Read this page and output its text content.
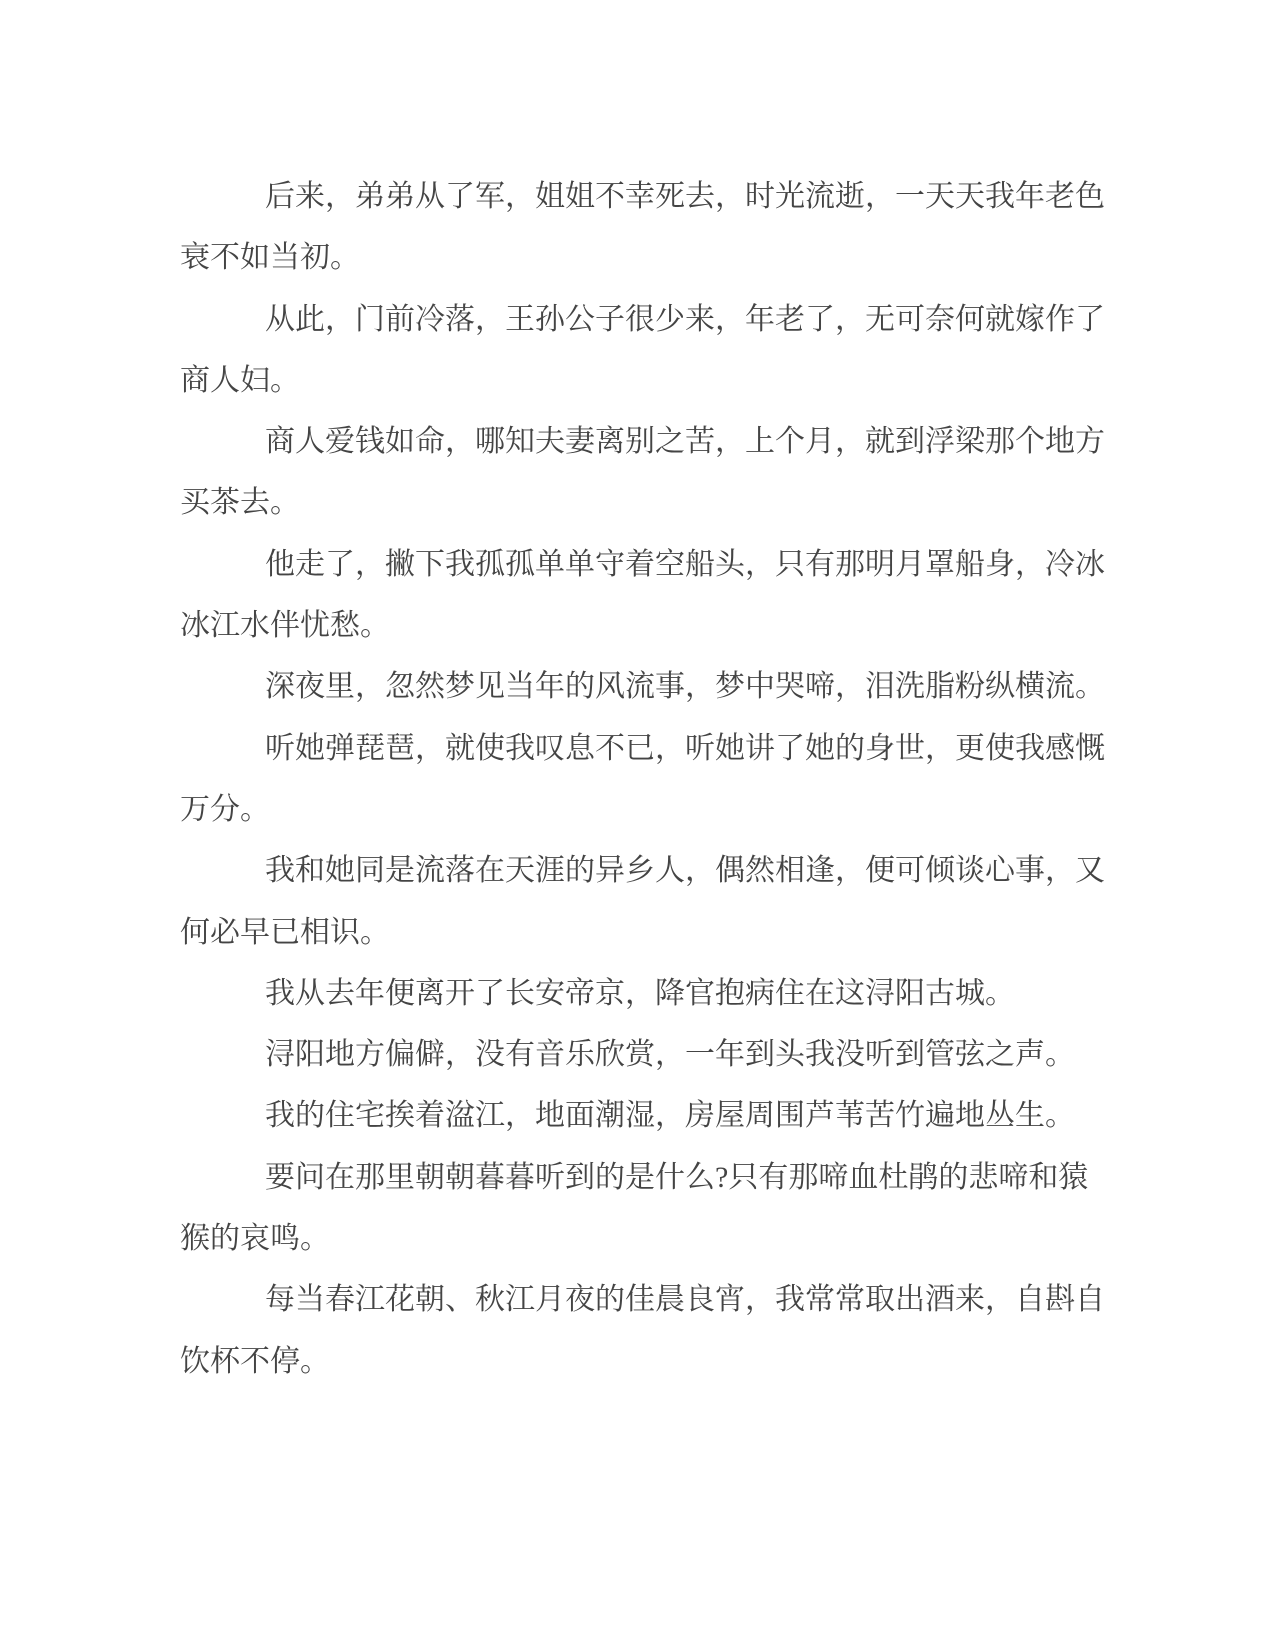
后来，弟弟从了军，姐姐不幸死去，时光流逝，一天天我年老色
衰不如当初。
从此，门前冷落，王孙公子很少来，年老了，无可奈何就嫁作了
商人妇。
商人爱钱如命，哪知夫妻离别之苦，上个月，就到浮梁那个地方
买茶去。
他走了，撇下我孤孤单单守着空船头，只有那明月罩船身，冷冰
冰江水伴忧愁。
深夜里，忽然梦见当年的风流事，梦中哭啼，泪洗脂粉纵横流。
听她弹琵琶，就使我叹息不已，听她讲了她的身世，更使我感慨
万分。
我和她同是流落在天涯的异乡人，偶然相逢，便可倾谈心事，又
何必早已相识。
我从去年便离开了长安帝京，降官抱病住在这浔阳古城。
浔阳地方偏僻，没有音乐欣赏，一年到头我没听到管弦之声。
我的住宅挨着湓江，地面潮湿，房屋周围芦苇苦竹遍地丛生。
要问在那里朝朝暮暮听到的是什么?只有那啼血杜鹃的悲啼和猿
猴的哀鸣。
每当春江花朝、秋江月夜的佳晨良宵，我常常取出酒来，自斟自
饮杯不停。
